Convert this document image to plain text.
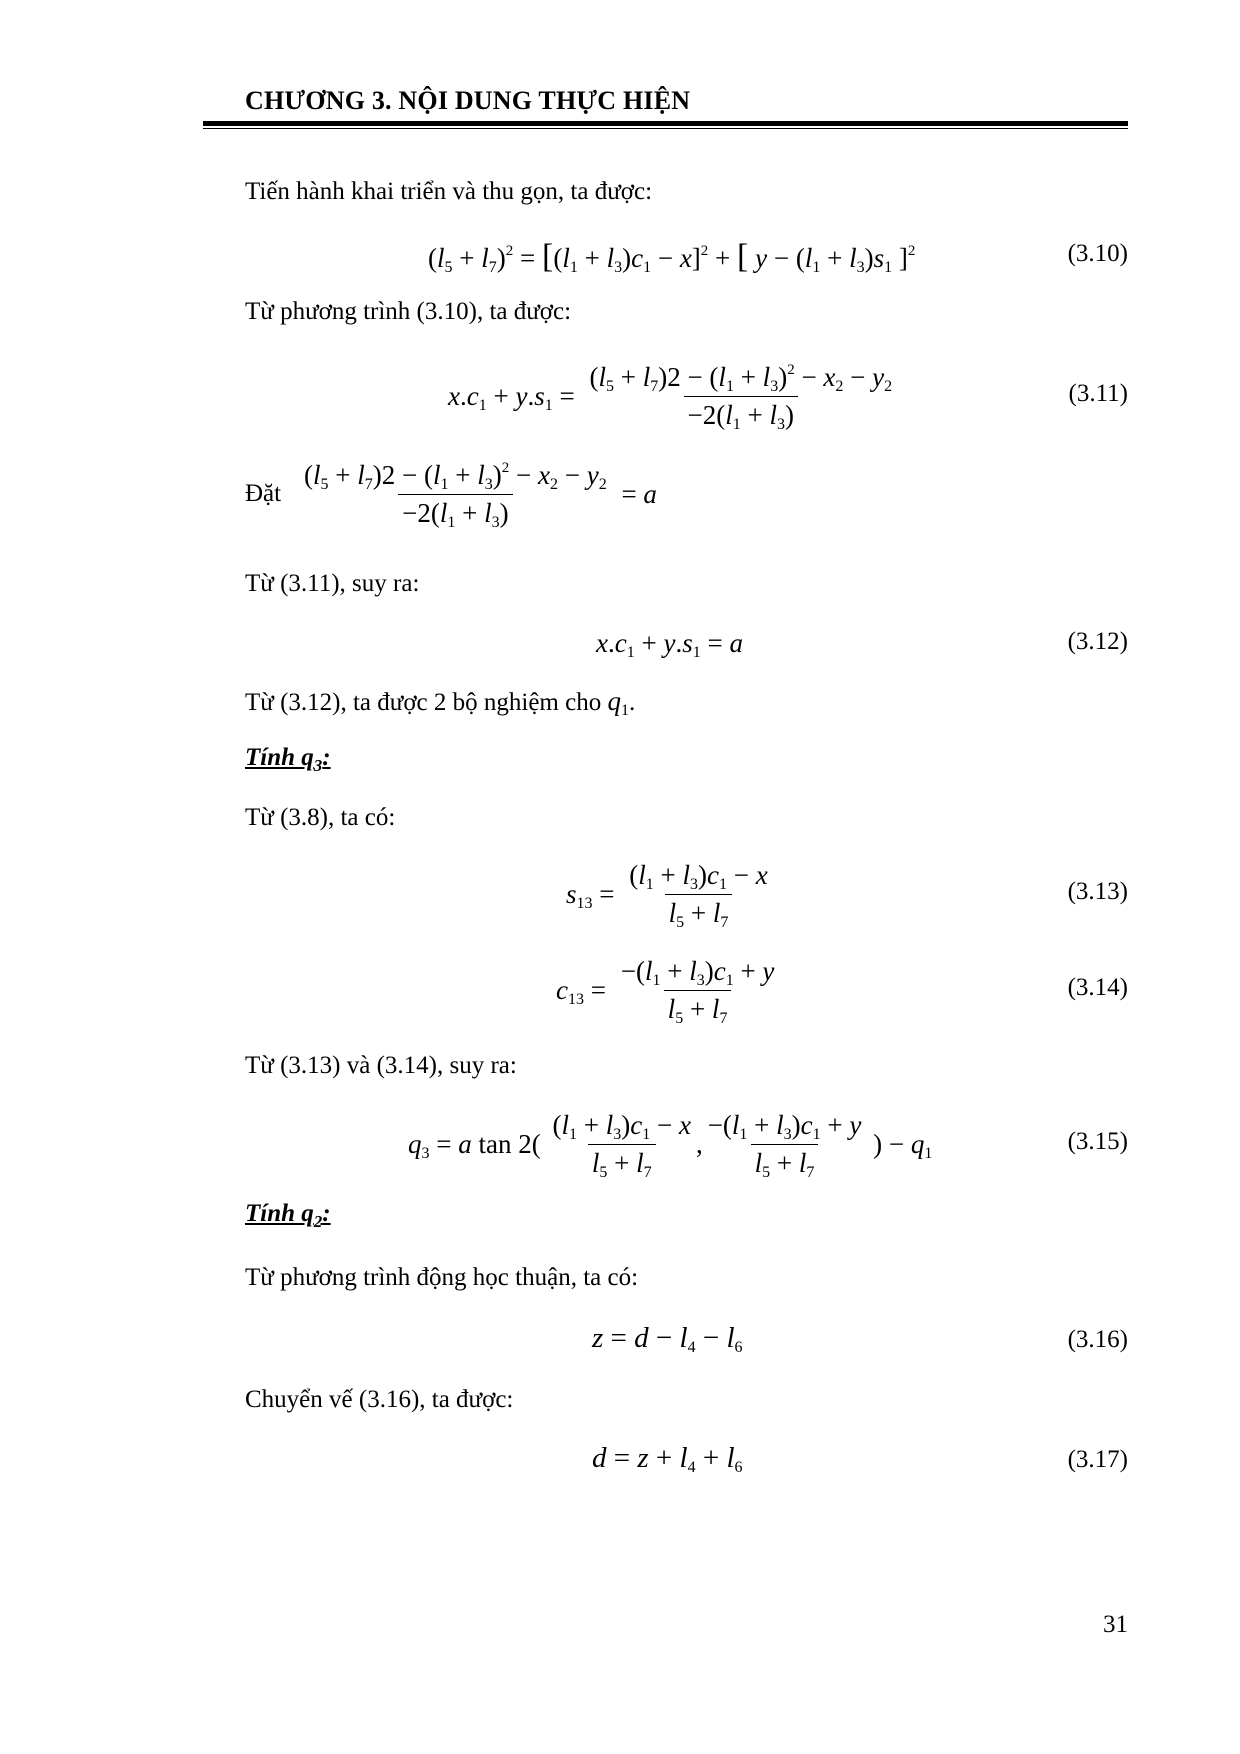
CHƯƠNG 3. NỘI DUNG THỰC HIỆN
Tiến hành khai triển và thu gọn, ta được:
$(l_5 + l_7)^2 = [(l_1 + l_3)c_1 - x]^2$ + [ $y - (l_1 + l_3)s_1$ ]$^2$	(3.10)
Từ phương trình (3.10), ta được:
$x.c_1 + y.s_1 = \frac{(l_5 + l_7)2 - (l_1 + l_3)^2 - x_2 - y_2}{-2(l_1 + l_3)}$	(3.11)
Đặt $\frac{(l_5 + l_7)2 - (l_1 + l_3)^2 - x_2 - y_2}{-2(l_1 + l_3)} = a$
Từ (3.11), suy ra:
$x.c_1 + y.s_1 = a$	(3.12)
Từ (3.12), ta được 2 bộ nghiệm cho $q_1$.
Tính $q_3$:
Từ (3.8), ta có:
$s_{13} = \frac{(l_1 + l_3)c_1 - x}{l_5 + l_7}$	(3.13)
$c_{13} = \frac{-(l_1 + l_3)c_1 + y}{l_5 + l_7}$	(3.14)
Từ (3.13) và (3.14), suy ra:
$q_3 = a$ $\tan 2( \frac{(l_1 + l_3)c_1 - x}{l_5 + l_7}$ , $\frac{-(l_1 + l_3)c_1 + y}{l_5 + l_7}$ ) − $q_1$	(3.15)
Tính $q_2$:
Từ phương trình động học thuận, ta có:
$z = d - l_4 - l_6$	(3.16)
Chuyển vế (3.16), ta được:
$d = z + l_4 + l_6$	(3.17)
31
